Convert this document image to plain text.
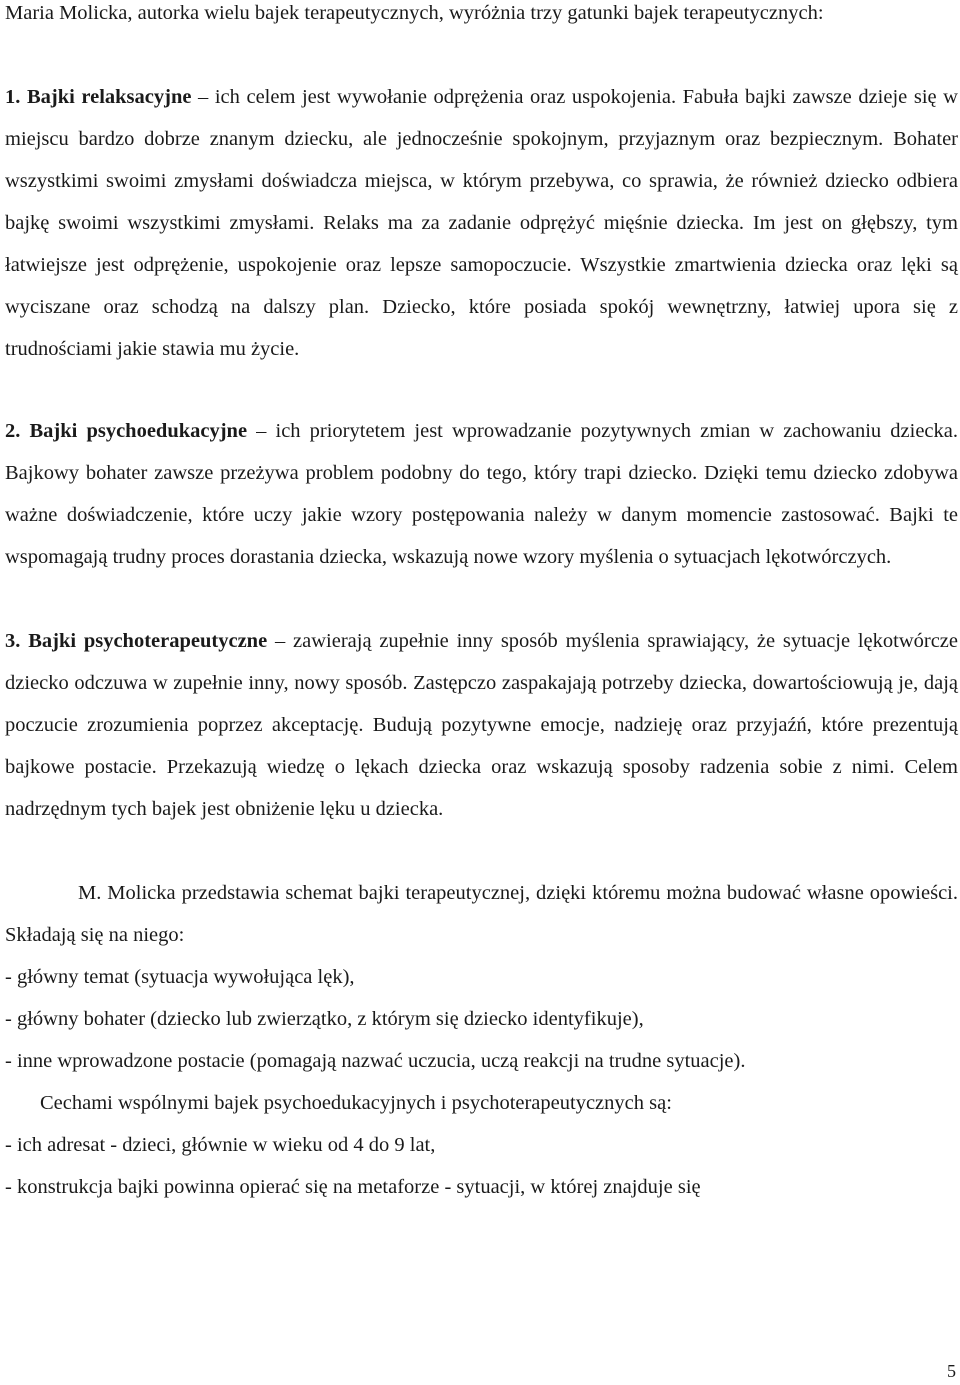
Maria Molicka, autorka wielu bajek terapeutycznych, wyróżnia trzy gatunki bajek terapeutycznych:

1. Bajki relaksacyjne – ich celem jest wywołanie odprężenia oraz uspokojenia. Fabuła bajki zawsze dzieje się w miejscu bardzo dobrze znanym dziecku, ale jednocześnie spokojnym, przyjaznym oraz bezpiecznym. Bohater wszystkimi swoimi zmysłami doświadcza miejsca, w którym przebywa, co sprawia, że również dziecko odbiera bajkę swoimi wszystkimi zmysłami. Relaks ma za zadanie odprężyć mięśnie dziecka. Im jest on głębszy, tym łatwiejsze jest odprężenie, uspokojenie oraz lepsze samopoczucie. Wszystkie zmartwienia dziecka oraz lęki są wyciszane oraz schodzą na dalszy plan. Dziecko, które posiada spokój wewnętrzny, łatwiej upora się z trudnościami jakie stawia mu życie.

2. Bajki psychoedukacyjne – ich priorytetem jest wprowadzanie pozytywnych zmian w zachowaniu dziecka. Bajkowy bohater zawsze przeżywa problem podobny do tego, który trapi dziecko. Dzięki temu dziecko zdobywa ważne doświadczenie, które uczy jakie wzory postępowania należy w danym momencie zastosować. Bajki te wspomagają trudny proces dorastania dziecka, wskazują nowe wzory myślenia o sytuacjach lękotwórczych.

3. Bajki psychoterapeutyczne – zawierają zupełnie inny sposób myślenia sprawiający, że sytuacje lękotwórcze dziecko odczuwa w zupełnie inny, nowy sposób. Zastępczo zaspakajają potrzeby dziecka, dowartościowują je, dają poczucie zrozumienia poprzez akceptację. Budują pozytywne emocje, nadzieję oraz przyjaźń, które prezentują bajkowe postacie. Przekazują wiedzę o lękach dziecka oraz wskazują sposoby radzenia sobie z nimi. Celem nadrzędnym tych bajek jest obniżenie lęku u dziecka.

M. Molicka przedstawia schemat bajki terapeutycznej, dzięki któremu można budować własne opowieści. Składają się na niego:

- główny temat (sytuacja wywołująca lęk),

- główny bohater (dziecko lub zwierzątko, z którym się dziecko identyfikuje),

- inne wprowadzone postacie (pomagają nazwać uczucia, uczą reakcji na trudne sytuacje).

Cechami wspólnymi bajek psychoedukacyjnych i psychoterapeutycznych są:

- ich adresat - dzieci, głównie w wieku od 4 do 9 lat,

- konstrukcja bajki powinna opierać się na metaforze - sytuacji, w której znajduje się

5
